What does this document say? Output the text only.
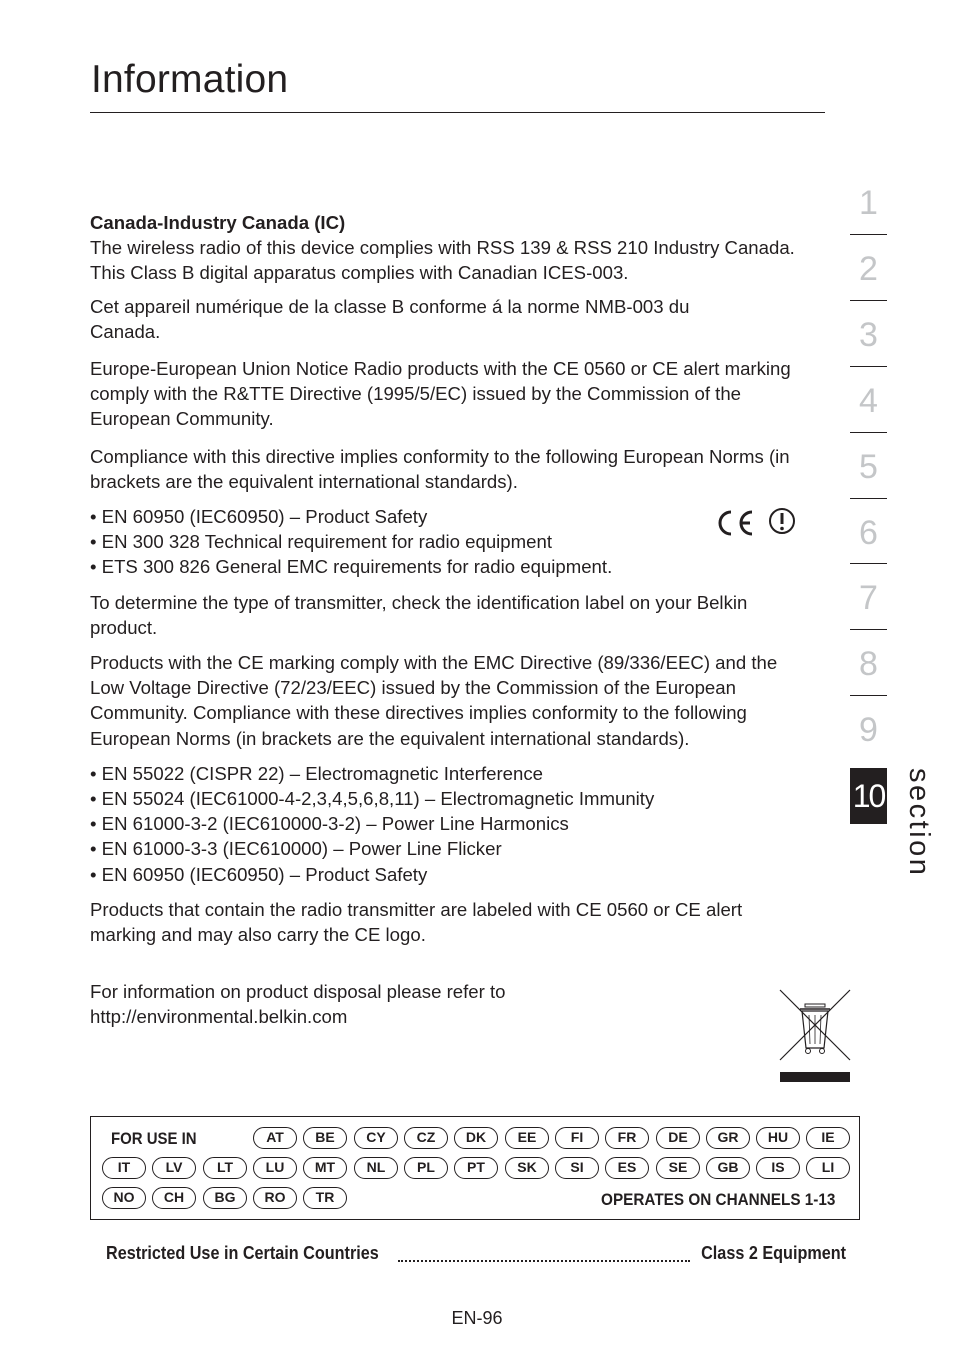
Information

Canada-Industry Canada (IC)
The wireless radio of this device complies with RSS 139 & RSS 210 Industry Canada. This Class B digital apparatus complies with Canadian ICES-003.

Cet appareil numérique de la classe B conforme á la norme NMB-003 du Canada.

Europe-European Union Notice Radio products with the CE 0560 or CE alert marking comply with the R&TTE Directive (1995/5/EC) issued by the Commission of the European Community.

Compliance with this directive implies conformity to the following European Norms (in brackets are the equivalent international standards).

• EN 60950 (IEC60950) – Product Safety
• EN 300 328 Technical requirement for radio equipment
• ETS 300 826 General EMC requirements for radio equipment.

To determine the type of transmitter, check the identification label on your Belkin product.

Products with the CE marking comply with the EMC Directive (89/336/EEC) and the Low Voltage Directive (72/23/EEC) issued by the Commission of the European Community. Compliance with these directives implies conformity to the following European Norms (in brackets are the equivalent international standards).

• EN 55022 (CISPR 22) – Electromagnetic Interference
• EN 55024 (IEC61000-4-2,3,4,5,6,8,11) – Electromagnetic Immunity
• EN 61000-3-2 (IEC610000-3-2) – Power Line Harmonics
• EN 61000-3-3 (IEC610000) – Power Line Flicker
• EN 60950 (IEC60950) – Product Safety

Products that contain the radio transmitter are labeled with CE 0560 or CE alert marking and may also carry the CE logo.

For information on product disposal please refer to
http://environmental.belkin.com

1
2
3
4
5
6
7
8
9
10 section
FOR USE IN	AT	BE	CY	CZ	DK	EE	FI	FR	DE	GR	HU	IE
IT	LV	LT	LU	MT	NL	PL	PT	SK	SI	ES	SE	GB	IS	LI
NO	CH	BG	RO	TR	OPERATES ON CHANNELS 1-13
Restricted Use in Certain Countries	Class 2 Equipment
EN-96
